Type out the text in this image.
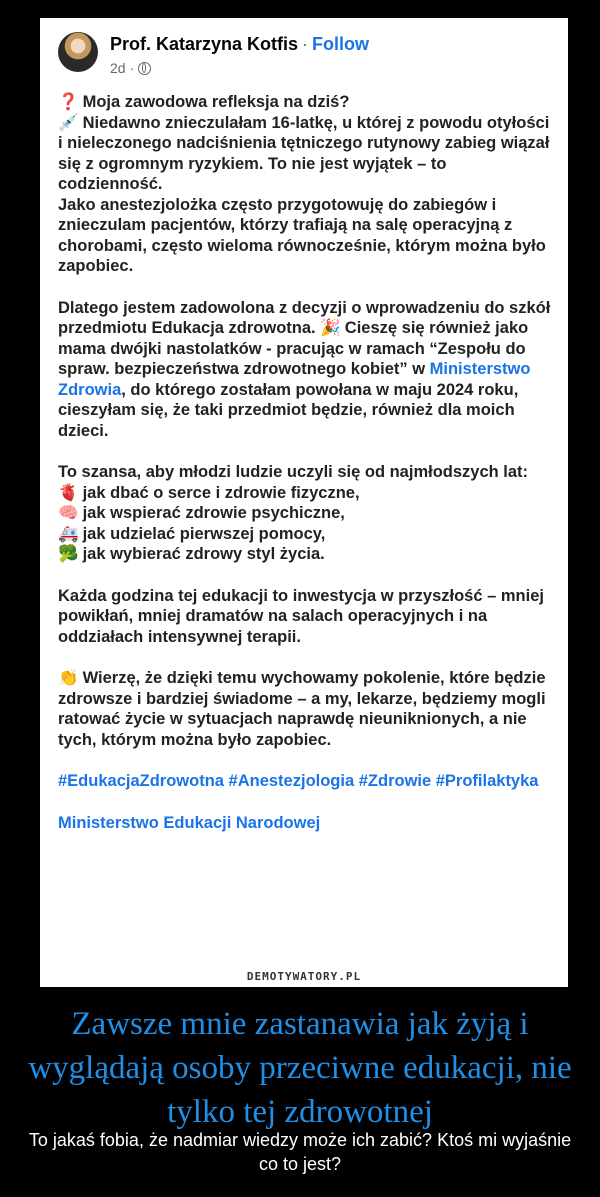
Prof. Katarzyna Kotfis · Follow
2d ·

❓ Moja zawodowa refleksja na dziś?

💉 Niedawno znieczulałam 16-latkę, u której z powodu otyłości i nieleczonego nadciśnienia tętniczego rutynowy zabieg wiązał się z ogromnym ryzykiem. To nie jest wyjątek – to codzienność.

Jako anestezjolożka często przygotowuję do zabiegów i znieczulam pacjentów, którzy trafiają na salę operacyjną z chorobami, często wieloma równocześnie, którym można było zapobiec.

Dlatego jestem zadowolona z decyzji o wprowadzeniu do szkół przedmiotu Edukacja zdrowotna. 🎉 Cieszę się również jako mama dwójki nastolatków - pracując w ramach “Zespołu do spraw. bezpieczeństwa zdrowotnego kobiet” w Ministerstwo Zdrowia, do którego zostałam powołana w maju 2024 roku, cieszyłam się, że taki przedmiot będzie, również dla moich dzieci.

To szansa, aby młodzi ludzie uczyli się od najmłodszych lat:

🫀 jak dbać o serce i zdrowie fizyczne,

🧠 jak wspierać zdrowie psychiczne,

🚑 jak udzielać pierwszej pomocy,

🥦 jak wybierać zdrowy styl życia.

Każda godzina tej edukacji to inwestycja w przyszłość – mniej powikłań, mniej dramatów na salach operacyjnych i na oddziałach intensywnej terapii.

👏 Wierzę, że dzięki temu wychowamy pokolenie, które będzie zdrowsze i bardziej świadome – a my, lekarze, będziemy mogli ratować życie w sytuacjach naprawdę nieuniknionych, a nie tych, którym można było zapobiec.

#EdukacjaZdrowotna #Anestezjologia #Zdrowie #Profilaktyka

Ministerstwo Edukacji Narodowej

DEMOTYWATORY.PL
Zawsze mnie zastanawia jak żyją i wyglądają osoby przeciwne edukacji, nie tylko tej zdrowotnej
To jakaś fobia, że nadmiar wiedzy może ich zabić? Ktoś mi wyjaśnie co to jest?
